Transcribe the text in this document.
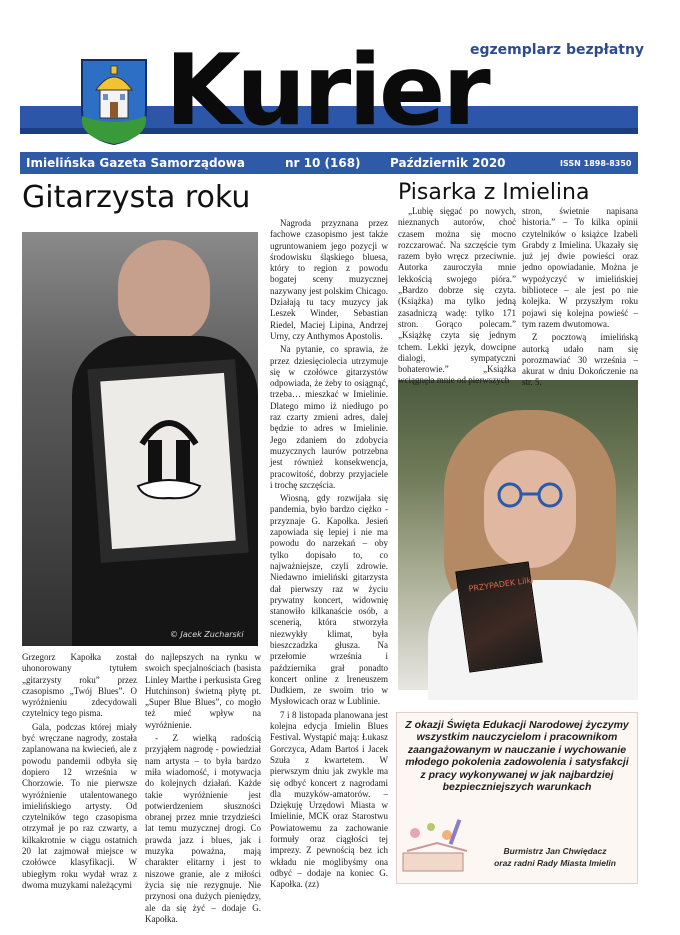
Kurier
egzemplarz bezpłatny
Imielińska Gazeta Samorządowa	nr 10 (168) Październik 2020	ISSN 1898-8350
Gitarzysta roku	Pisarka z Imielina
© Jacek Zucharski
PRZYPADEK Lilki

Grzegorz Kapołka został uhonorowany tytułem „gitarzysty roku” przez czasopismo „Twój Blues”. O wyróżnieniu zdecydowali czytelnicy tego pisma.

Gala, podczas której miały być wręczane nagrody, została zaplanowana na kwiecień, ale z powodu pandemii odbyła się dopiero 12 września w Chorzowie. To nie pierwsze wyróżnienie utalentowanego imielińskiego artysty. Od czytelników tego czasopisma otrzymał je po raz czwarty, a kilkakrotnie w ciągu ostatnich 20 lat zajmował miejsce w czołówce klasyfikacji. W ubiegłym roku wydał wraz z dwoma muzykami należącymi

do najlepszych na rynku w swoich specjalnościach (basista Linley Marthe i perkusista Greg Hutchinson) świetną płytę pt. „Super Blue Blues”, co mogło też mieć wpływ na wyróżnienie.

- Z wielką radością przyjąłem nagrodę - powiedział nam artysta – to była bardzo miła wiadomość, i motywacja do kolejnych działań. Każde takie wyróżnienie jest potwierdzeniem słuszności obranej przez mnie trzydzieści lat temu muzycznej drogi. Co prawda jazz i blues, jak i muzyka poważna, mają charakter elitarny i jest to niszowe granie, ale z miłości życia się nie rezygnuje. Nie przynosi ona dużych pieniędzy, ale da się żyć – dodaje G. Kapołka.

Nagroda przyznana przez fachowe czasopismo jest także ugruntowaniem jego pozycji w środowisku śląskiego bluesa, który to region z powodu bogatej sceny muzycznej nazywany jest polskim Chicago. Działają tu tacy muzycy jak Leszek Winder, Sebastian Riedel, Maciej Lipina, Andrzej Urny, czy Anthymos Apostolis.

Na pytanie, co sprawia, że przez dziesięciolecia utrzymuje się w czołówce gitarzystów odpowiada, że żeby to osiągnąć, trzeba… mieszkać w Imielinie. Dlatego mimo iż niedługo po raz czarty zmieni adres, dalej będzie to adres w Imielinie. Jego zdaniem do zdobycia muzycznych laurów potrzebna jest również konsekwencja, pracowitość, dobrzy przyjaciele i trochę szczęścia.

Wiosną, gdy rozwijała się pandemia, było bardzo ciężko - przyznaje G. Kapołka. Jesień zapowiada się lepiej i nie ma powodu do narzekań – oby tylko dopisało to, co najważniejsze, czyli zdrowie. Niedawno imieliński gitarzysta dał pierwszy raz w życiu prywatny koncert, widownię stanowiło kilkanaście osób, a scenerią, która stworzyła niezwykły klimat, była bieszczadzka głusza. Na przełomie września i października grał ponadto koncert online z Ireneuszem Dudkiem, ze swoim trio w Mysłowicach oraz w Lublinie.

7 i 8 listopada planowana jest kolejna edycja Imielin Blues Festival. Wystąpić mają: Łukasz Gorczyca, Adam Bartoś i Jacek Szuła z kwartetem. W pierwszym dniu jak zwykle ma się odbyć koncert z nagrodami dla muzyków-amatorów. – Dziękuję Urzędowi Miasta w Imielinie, MCK oraz Starostwu Powiatowemu za zachowanie formuły oraz ciągłości tej imprezy. Z pewnością bez ich wkładu nie moglibyśmy ona odbyć – dodaje na koniec G. Kapołka. (zz)

„Lubię sięgać po nowych, nieznanych autorów, choć czasem można się mocno rozczarować. Na szczęście tym razem było wręcz przeciwnie. Autorka zauroczyła mnie lekkością swojego pióra.” „Bardzo dobrze się czyta. (Książka) ma tylko jedną zasadniczą wadę: tylko 171 stron. Gorąco polecam.” „Książkę czyta się jednym tchem. Lekki język, dowcipne dialogi, sympatyczni bohaterowie.” „Książka wciągnęła mnie od pierwszych

stron, świetnie napisana historia.” – To kilka opinii czytelników o książce Izabeli Grabdy z Imielina. Ukazały się już jej dwie powieści oraz jedno opowiadanie. Można je wypożyczyć w imielińskiej bibliotece – ale jest po nie kolejka. W przyszłym roku pojawi się kolejna powieść – tym razem dwutomowa.

Z pocztową imielińską autorką udało nam się porozmawiać 30 września – akurat w dniu Dokończenie na str. 5.

Z okazji Święta Edukacji Narodowej życzymy wszystkim nauczycielom i pracownikom zaangażowanym w nauczanie i wychowanie młodego pokolenia zadowolenia i satysfakcji z pracy wykonywanej w jak najbardziej bezpieczniejszych warunkach
Burmistrz Jan Chwiędacz
oraz radni Rady Miasta Imielin
